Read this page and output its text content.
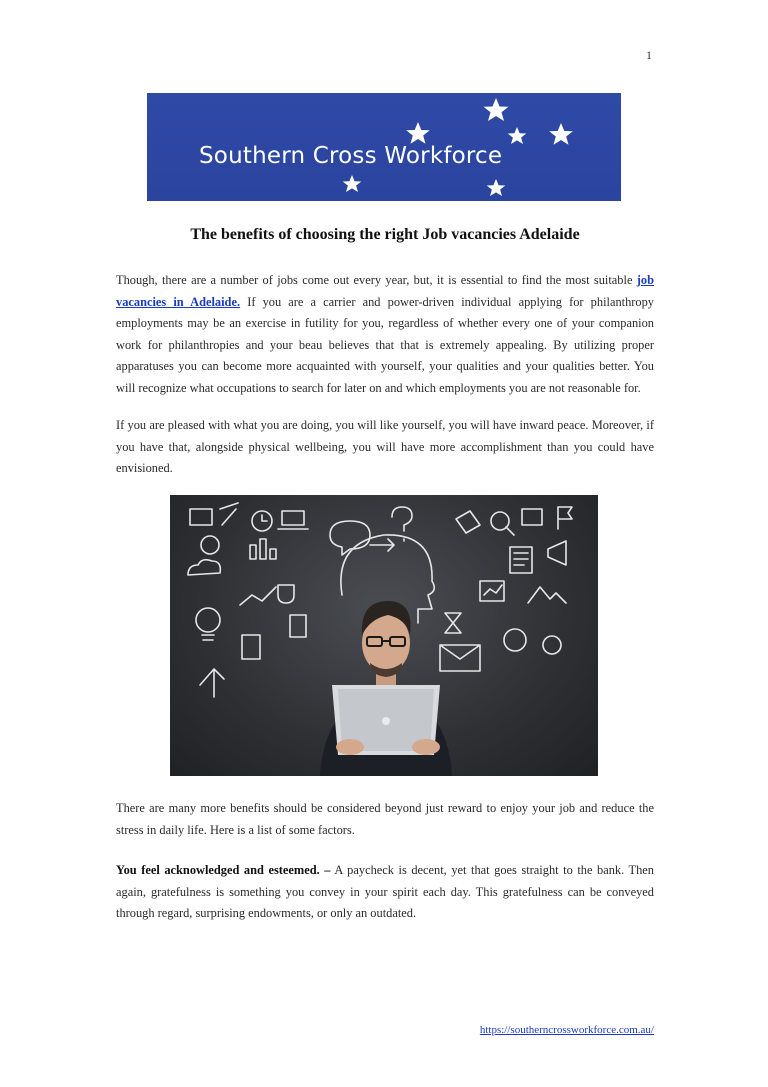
1
Southern Cross Workforce
The benefits of choosing the right Job vacancies Adelaide
Though, there are a number of jobs come out every year, but, it is essential to find the most suitable job vacancies in Adelaide. If you are a carrier and power-driven individual applying for philanthropy employments may be an exercise in futility for you, regardless of whether every one of your companion work for philanthropies and your beau believes that that is extremely appealing. By utilizing proper apparatuses you can become more acquainted with yourself, your qualities and your qualities better. You will recognize what occupations to search for later on and which employments you are not reasonable for.
If you are pleased with what you are doing, you will like yourself, you will have inward peace. Moreover, if you have that, alongside physical wellbeing, you will have more accomplishment than you could have envisioned.
There are many more benefits should be considered beyond just reward to enjoy your job and reduce the stress in daily life. Here is a list of some factors.
You feel acknowledged and esteemed. – A paycheck is decent, yet that goes straight to the bank. Then again, gratefulness is something you convey in your spirit each day. This gratefulness can be conveyed through regard, surprising endowments, or only an outdated.
https://southerncrossworkforce.com.au/
